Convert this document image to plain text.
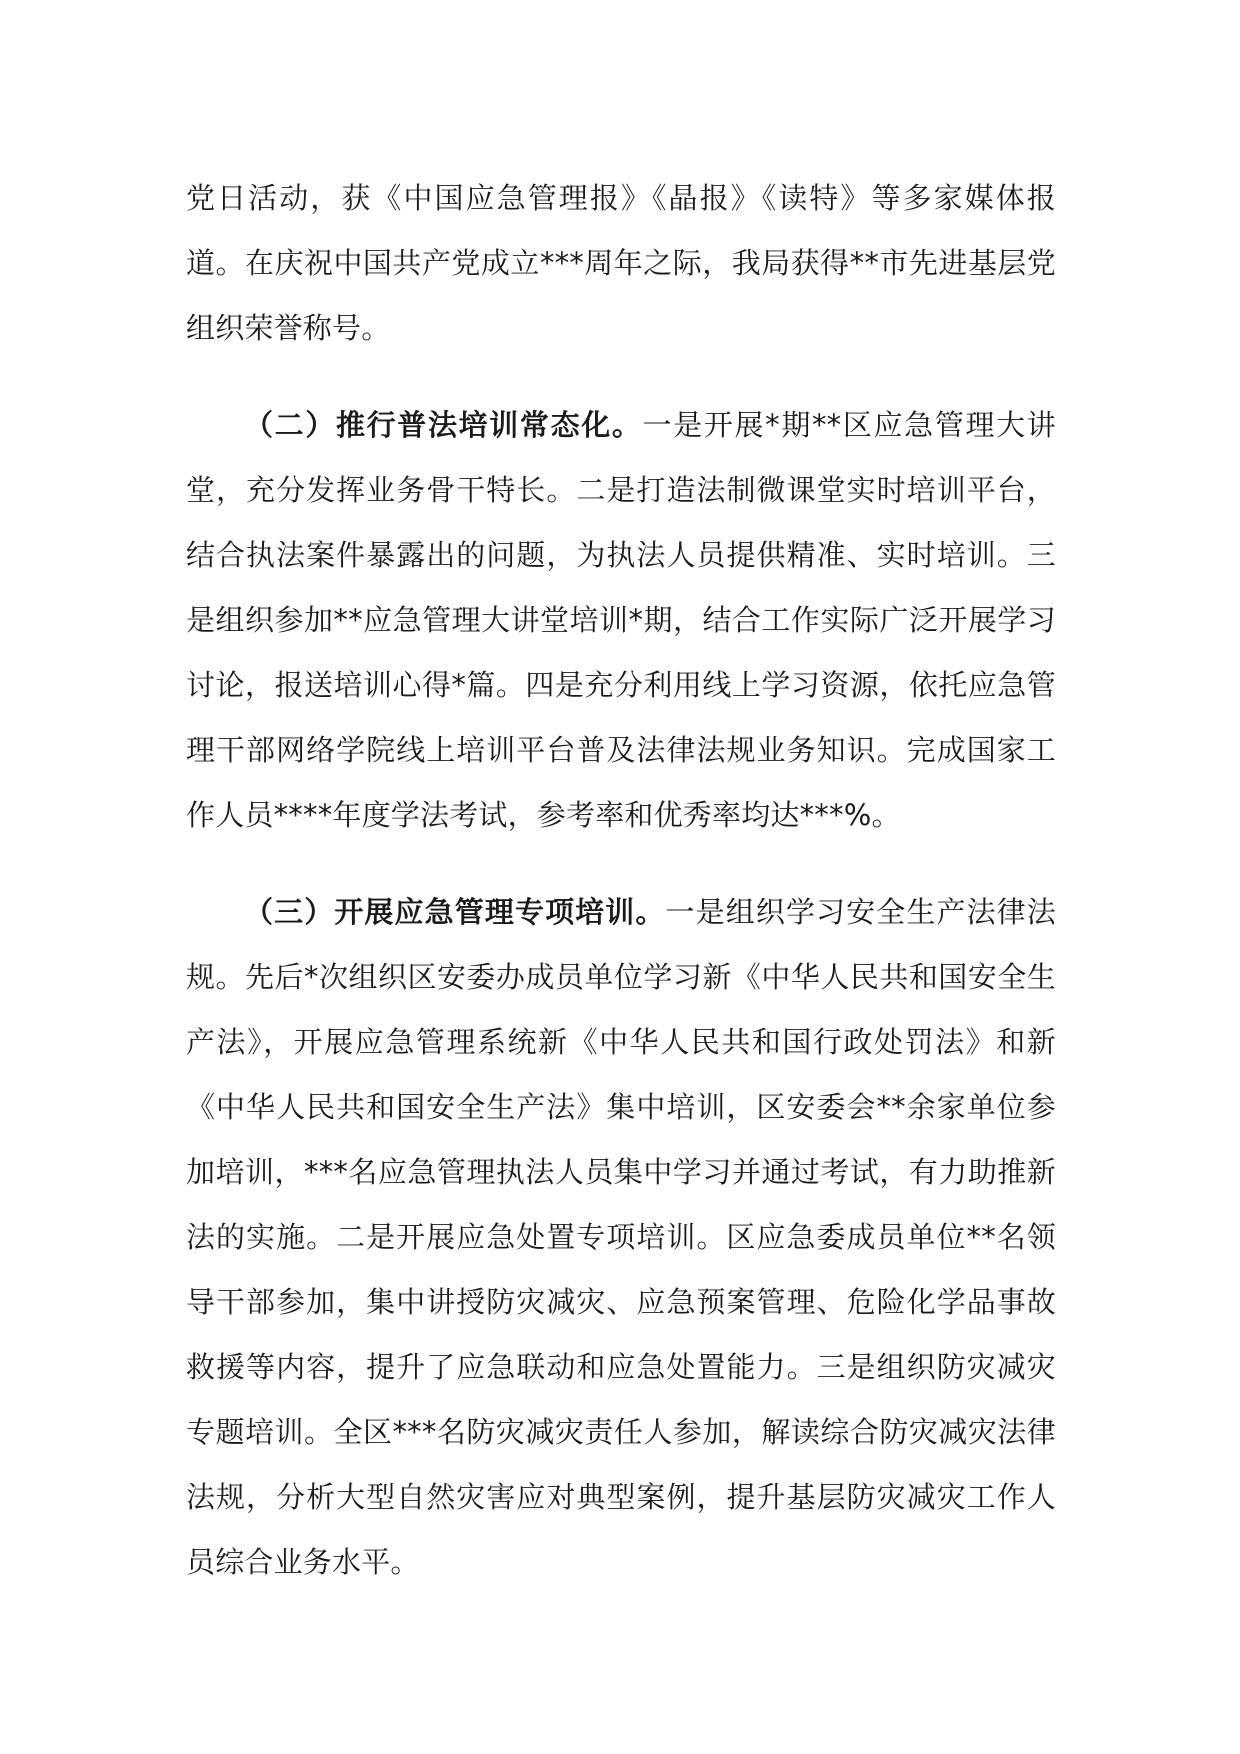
党日活动，获《中国应急管理报》《晶报》《读特》等多家媒体报道。在庆祝中国共产党成立***周年之际，我局获得**市先进基层党组织荣誉称号。

（二）推行普法培训常态化。一是开展*期**区应急管理大讲堂，充分发挥业务骨干特长。二是打造法制微课堂实时培训平台，结合执法案件暴露出的问题，为执法人员提供精准、实时培训。三是组织参加**应急管理大讲堂培训*期，结合工作实际广泛开展学习讨论，报送培训心得*篇。四是充分利用线上学习资源，依托应急管理干部网络学院线上培训平台普及法律法规业务知识。完成国家工作人员****年度学法考试，参考率和优秀率均达***%。

（三）开展应急管理专项培训。一是组织学习安全生产法律法规。先后*次组织区安委办成员单位学习新《中华人民共和国安全生产法》，开展应急管理系统新《中华人民共和国行政处罚法》和新《中华人民共和国安全生产法》集中培训，区安委会**余家单位参加培训，***名应急管理执法人员集中学习并通过考试，有力助推新法的实施。二是开展应急处置专项培训。区应急委成员单位**名领导干部参加，集中讲授防灾减灾、应急预案管理、危险化学品事故救援等内容，提升了应急联动和应急处置能力。三是组织防灾减灾专题培训。全区***名防灾减灾责任人参加，解读综合防灾减灾法律法规，分析大型自然灾害应对典型案例，提升基层防灾减灾工作人员综合业务水平。
